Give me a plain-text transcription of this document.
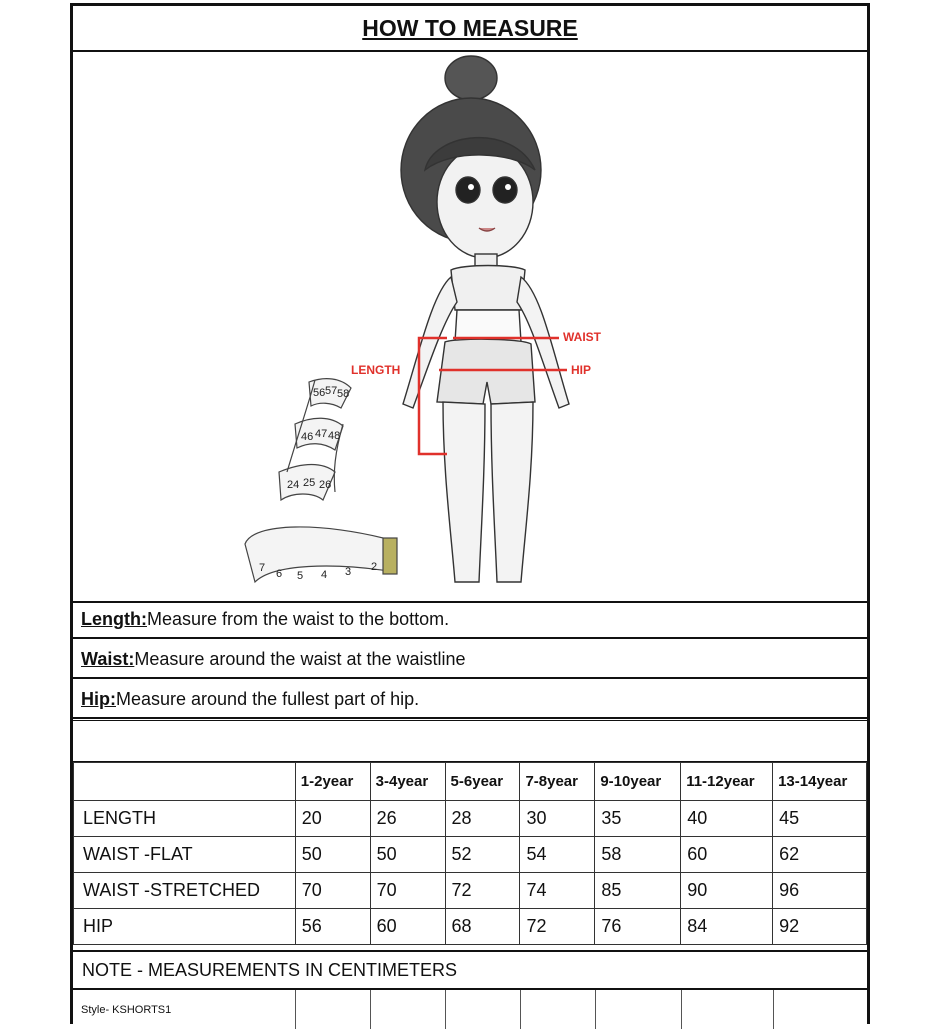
HOW TO MEASURE
2
3
4
5
6
7
24 25 26
46 47 48
56 57 58
WAIST
HIP
LENGTH
Length: Measure from the waist to the bottom.
Waist: Measure around the waist at the waistline
Hip: Measure around the fullest part of hip.
	1-2year	3-4year	5-6year	7-8year	9-10year	11-12year	13-14year
LENGTH	20	26	28	30	35	40	45
WAIST -FLAT	50	50	52	54	58	60	62
WAIST -STRETCHED	70	70	72	74	85	90	96
HIP	56	60	68	72	76	84	92
NOTE - MEASUREMENTS IN CENTIMETERS
Style- KSHORTS1							
